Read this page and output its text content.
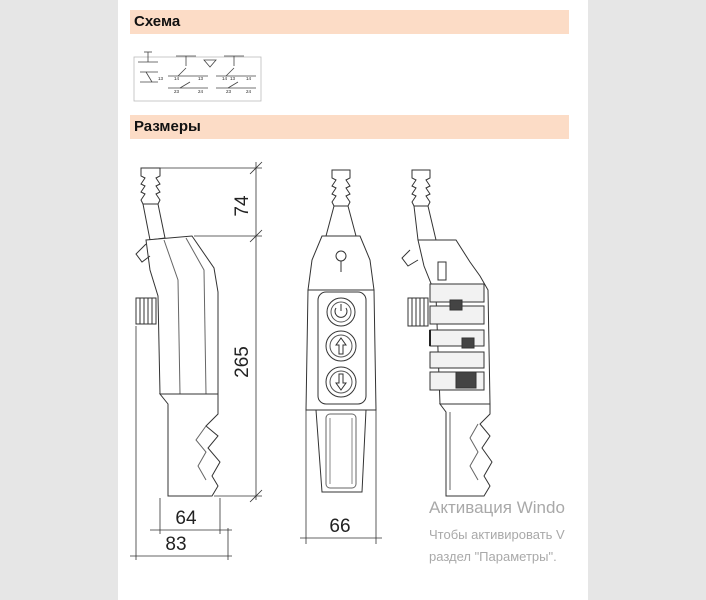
Схема
Размеры
13 14	13	14
23	24
13 14
23	24
74
265
64
83
66
Активация Windo
Чтобы активировать V
раздел "Параметры".
